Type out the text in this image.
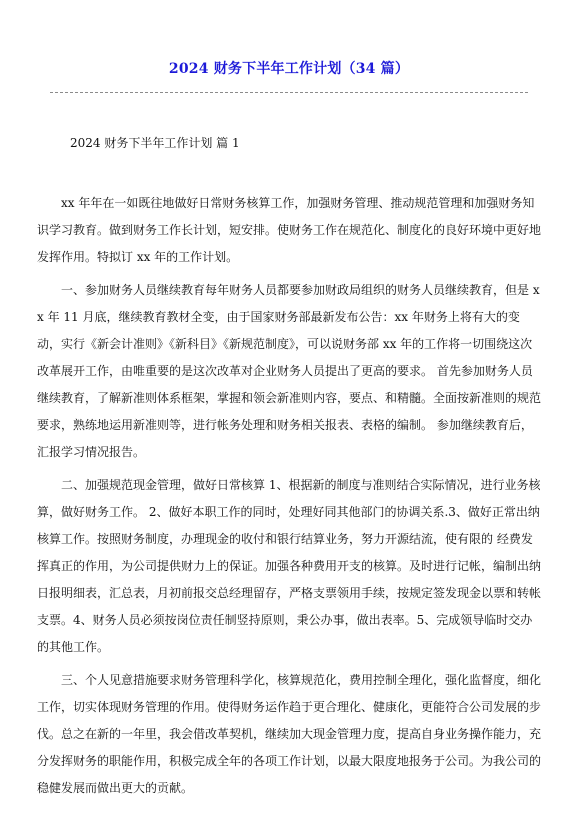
2024 财务下半年工作计划（34 篇）
2024 财务下半年工作计划 篇 1

xx 年年在一如既往地做好日常财务核算工作，加强财务管理、推动规范管理和加强财务知识学习教育。做到财务工作长计划，短安排。使财务工作在规范化、制度化的良好环境中更好地发挥作用。特拟订 xx 年的工作计划。

一、参加财务人员继续教育每年财务人员都要参加财政局组织的财务人员继续教育，但是 xx 年 11 月底，继续教育教材全变，由于国家财务部最新发布公告：xx 年财务上将有大的变动，实行《新会计准则》《新科目》《新规范制度》，可以说财务部 xx 年的工作将一切围绕这次改革展开工作，由唯重要的是这次改革对企业财务人员提出了更高的要求。 首先参加财务人员继续教育，了解新准则体系框架，掌握和领会新准则内容，要点、和精髓。全面按新准则的规范要求，熟练地运用新准则等，进行帐务处理和财务相关报表、表格的编制。 参加继续教育后，汇报学习情况报告。

二、加强规范现金管理，做好日常核算 1、根据新的制度与准则结合实际情况，进行业务核算，做好财务工作。 2、做好本职工作的同时，处理好同其他部门的协调关系.3、做好正常出纳核算工作。按照财务制度，办理现金的收付和银行结算业务，努力开源结流，使有限的 经费发挥真正的作用，为公司提供财力上的保证。加强各种费用开支的核算。及时进行记帐，编制出纳日报明细表，汇总表，月初前报交总经理留存，严格支票领用手续，按规定签发现金以票和转帐支票。4、财务人员必须按岗位责任制竖持原则，秉公办事，做出表率。5、完成领导临时交办的其他工作。

三、个人见意措施要求财务管理科学化，核算规范化，费用控制全理化，强化监督度，细化工作，切实体现财务管理的作用。使得财务运作趋于更合理化、健康化，更能符合公司发展的步伐。总之在新的一年里，我会借改革契机，继续加大现金管理力度，提高自身业务操作能力，充分发挥财务的职能作用，积极完成全年的各项工作计划，以最大限度地报务于公司。为我公司的稳健发展而做出更大的贡献。
